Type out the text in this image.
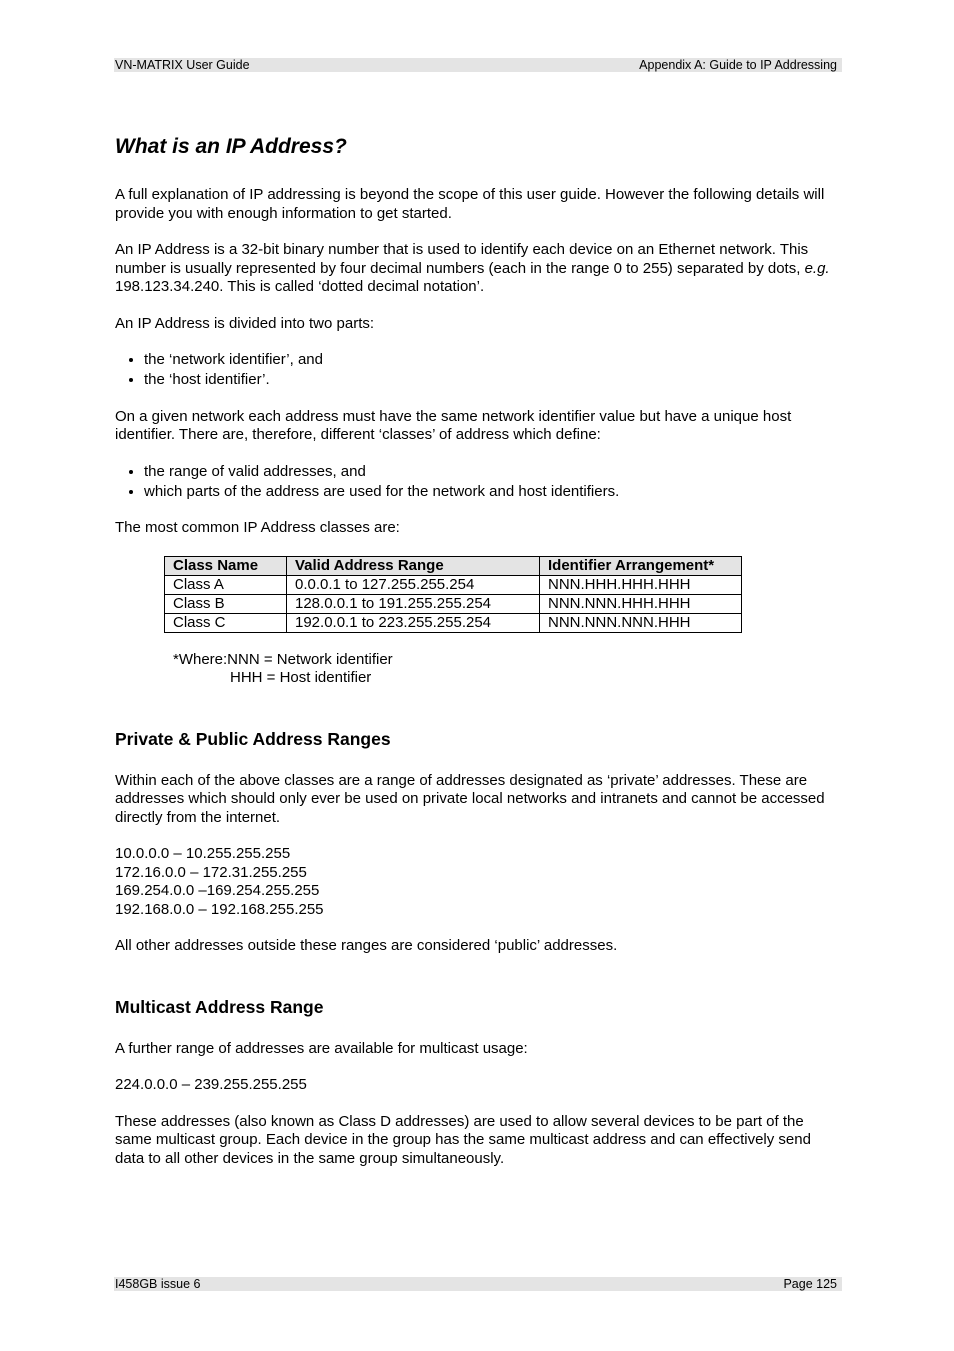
VN-MATRIX User Guide	Appendix A: Guide to IP Addressing
What is an IP Address?

A full explanation of IP addressing is beyond the scope of this user guide. However the following details will provide you with enough information to get started.

An IP Address is a 32-bit binary number that is used to identify each device on an Ethernet network. This number is usually represented by four decimal numbers (each in the range 0 to 255) separated by dots, e.g. 198.123.34.240. This is called ‘dotted decimal notation’.

An IP Address is divided into two parts:

• the ‘network identifier’, and
• the ‘host identifier’.

On a given network each address must have the same network identifier value but have a unique host identifier. There are, therefore, different ‘classes’ of address which define:

• the range of valid addresses, and
• which parts of the address are used for the network and host identifiers.

The most common IP Address classes are:

Class Name	Valid Address Range	Identifier Arrangement*
Class A	0.0.0.1 to 127.255.255.254	NNN.HHH.HHH.HHH
Class B	128.0.0.1 to 191.255.255.254	NNN.NNN.HHH.HHH
Class C	192.0.0.1 to 223.255.255.254	NNN.NNN.NNN.HHH
*Where:NNN = Network identifier
HHH = Host identifier
Private & Public Address Ranges

Within each of the above classes are a range of addresses designated as ‘private’ addresses. These are addresses which should only ever be used on private local networks and intranets and cannot be accessed directly from the internet.

10.0.0.0 – 10.255.255.255
172.16.0.0 – 172.31.255.255
169.254.0.0 –169.254.255.255
192.168.0.0 – 192.168.255.255

All other addresses outside these ranges are considered ‘public’ addresses.

Multicast Address Range

A further range of addresses are available for multicast usage:

224.0.0.0 – 239.255.255.255

These addresses (also known as Class D addresses) are used to allow several devices to be part of the same multicast group. Each device in the group has the same multicast address and can effectively send data to all other devices in the same group simultaneously.

I458GB issue 6	Page 125
